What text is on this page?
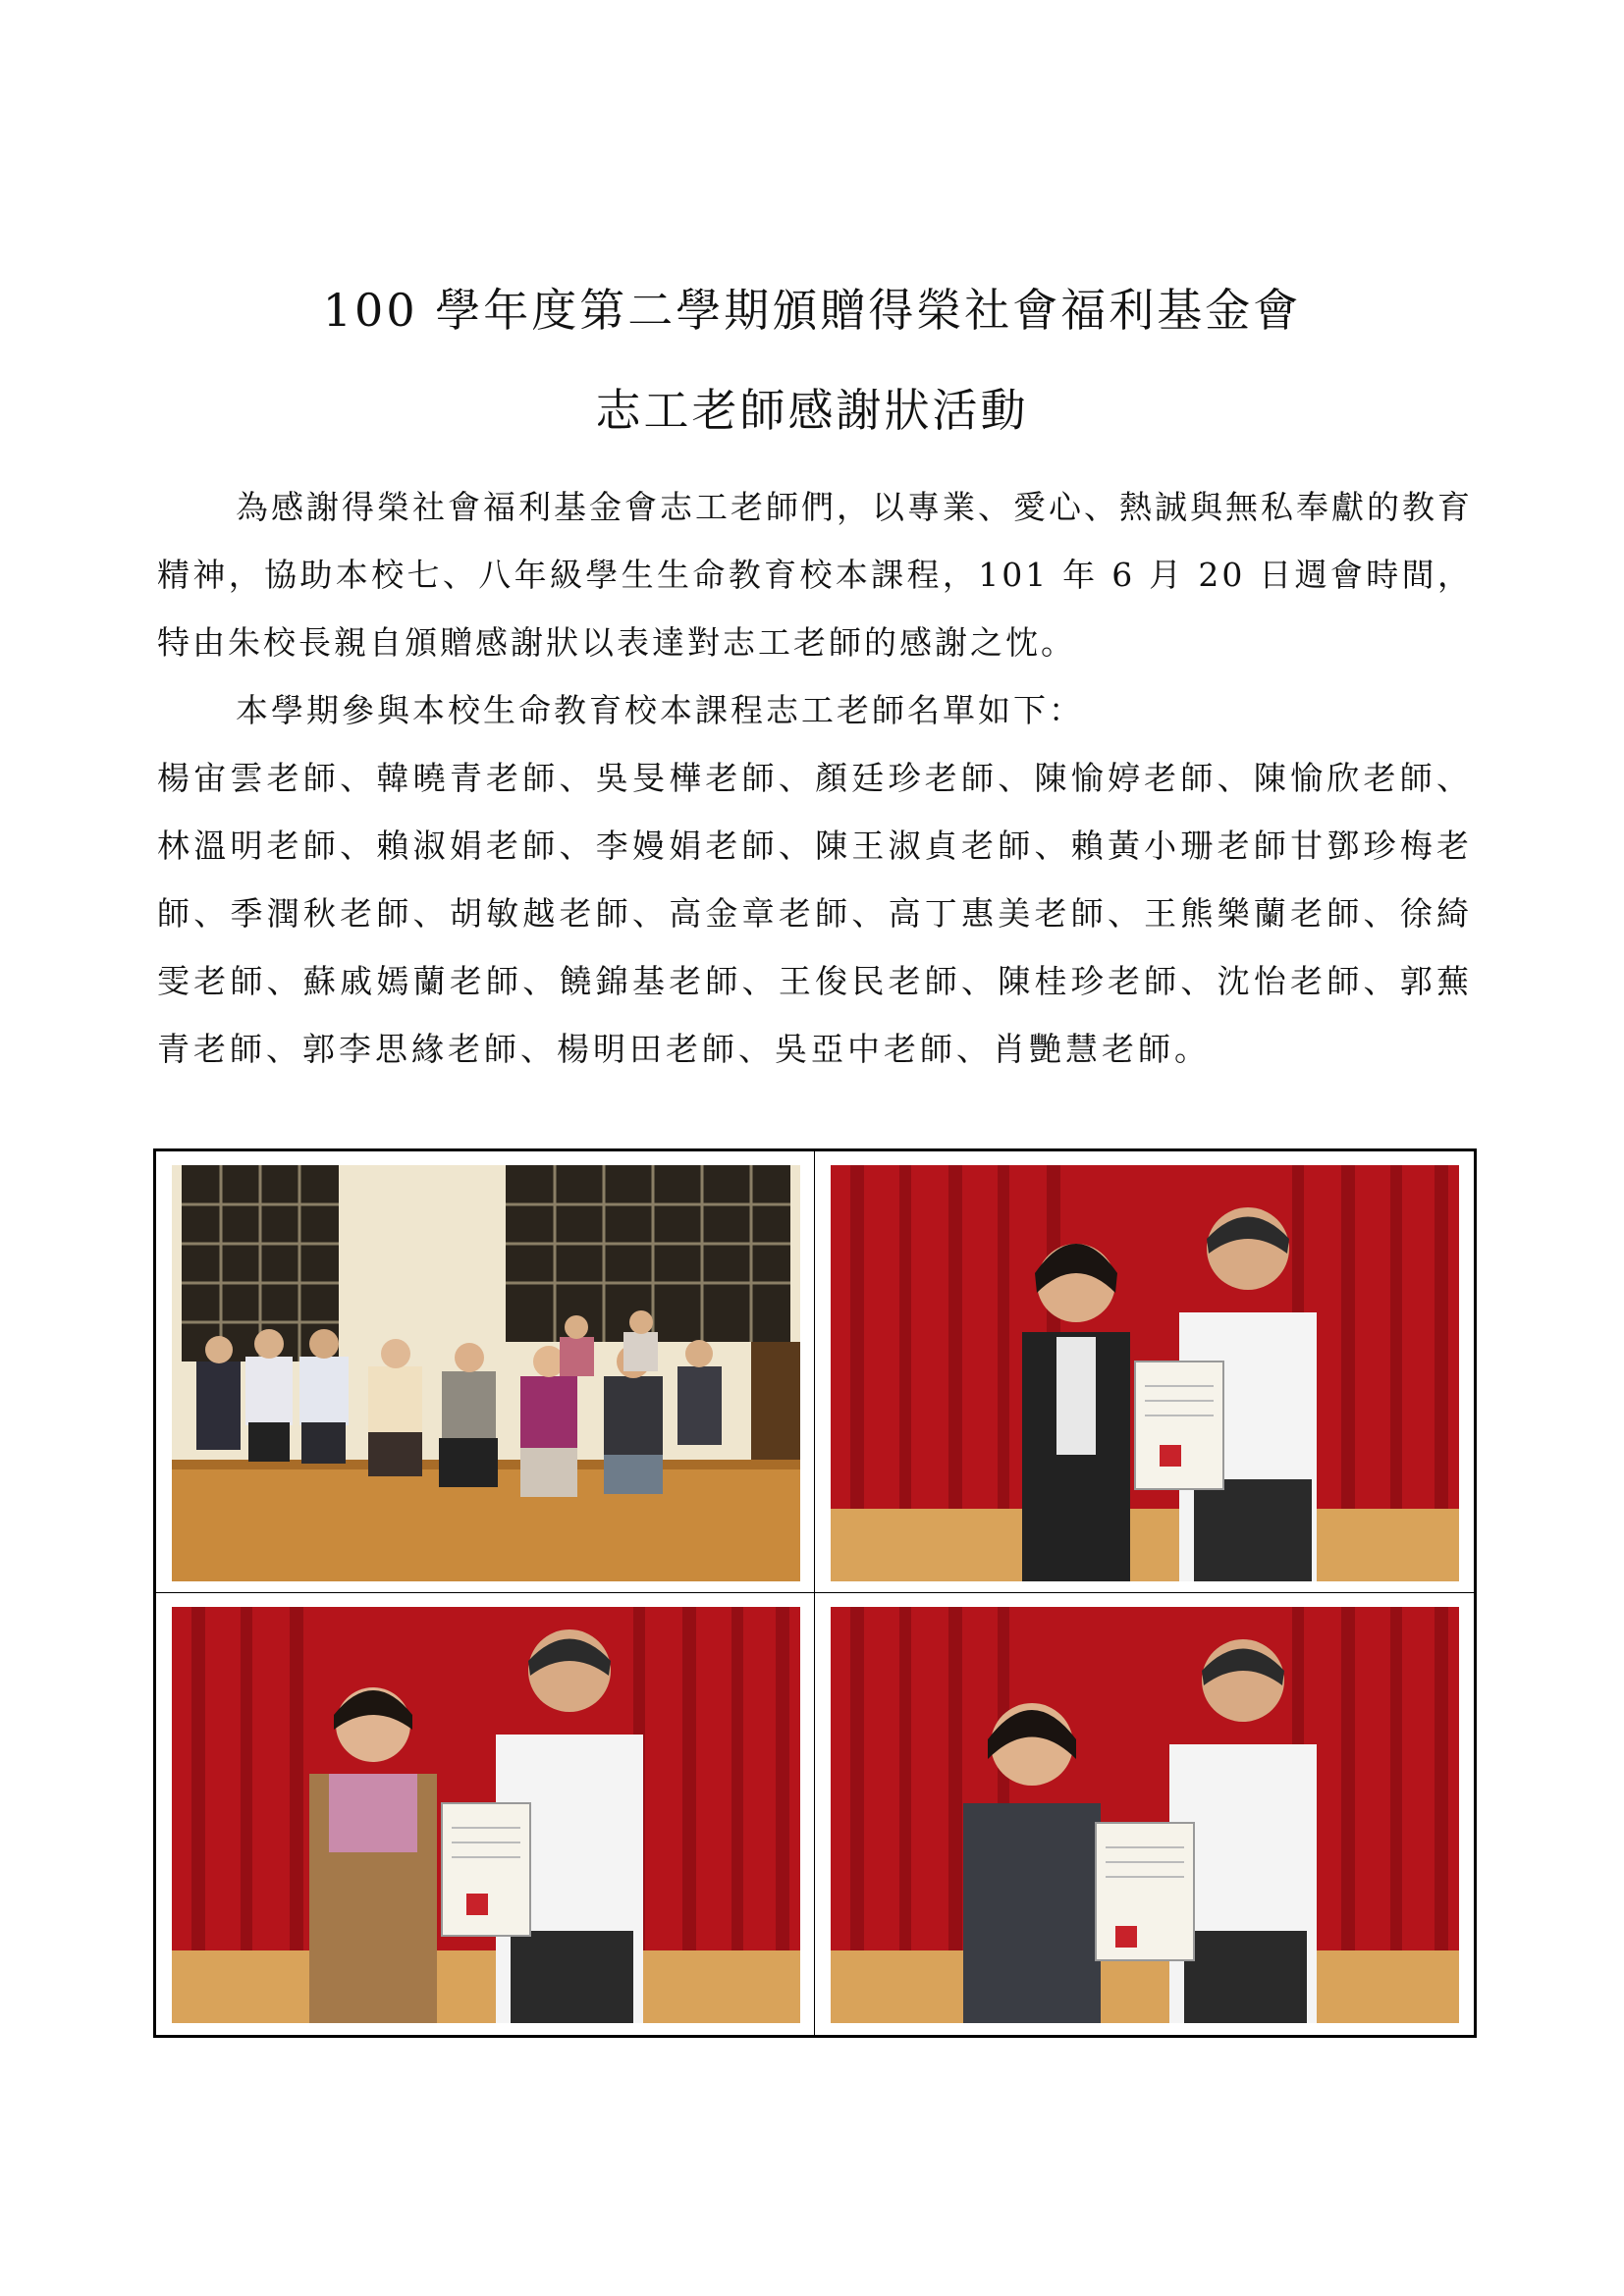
100 學年度第二學期頒贈得榮社會福利基金會
志工老師感謝狀活動
為感謝得榮社會福利基金會志工老師們，以專業、愛心、熱誠與無私奉獻的教育精神，協助本校七、八年級學生生命教育校本課程，101 年 6 月 20 日週會時間，特由朱校長親自頒贈感謝狀以表達對志工老師的感謝之忱。
本學期參與本校生命教育校本課程志工老師名單如下：
楊宙雲老師、韓曉青老師、吳旻樺老師、顏廷珍老師、陳愉婷老師、陳愉欣老師、林溫明老師、賴淑娟老師、李嫚娟老師、陳王淑貞老師、賴黃小珊老師甘鄧珍梅老師、季潤秋老師、胡敏越老師、高金章老師、高丁惠美老師、王熊樂蘭老師、徐綺雯老師、蘇戚嫣蘭老師、饒錦基老師、王俊民老師、陳桂珍老師、沈怡老師、郭蕪青老師、郭李思緣老師、楊明田老師、吳亞中老師、肖艷慧老師。
